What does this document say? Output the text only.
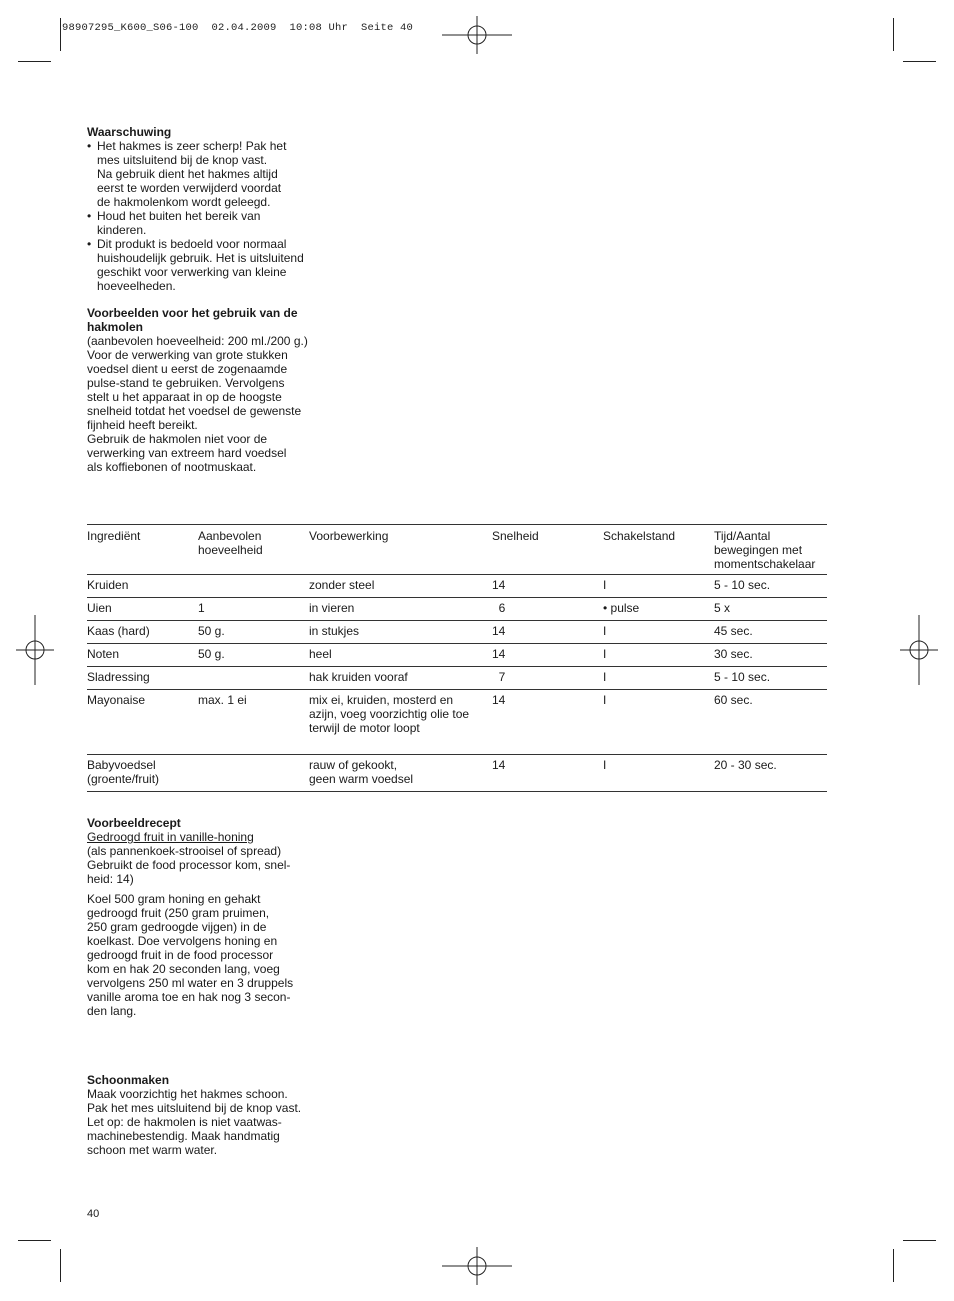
98907295_K600_S06-100  02.04.2009  10:08 Uhr  Seite 40
Waarschuwing
• Het hakmes is zeer scherp! Pak het
mes uitsluitend bij de knop vast.
Na gebruik dient het hakmes altijd
eerst te worden verwijderd voordat
de hakmolenkom wordt geleegd.
• Houd het buiten het bereik van
kinderen.
• Dit produkt is bedoeld voor normaal
huishoudelijk gebruik. Het is uitsluitend
geschikt voor verwerking van kleine
hoeveelheden.
Voorbeelden voor het gebruik van de
hakmolen
(aanbevolen hoeveelheid: 200 ml./200 g.)
Voor de verwerking van grote stukken
voedsel dient u eerst de zogenaamde
pulse-stand te gebruiken. Vervolgens
stelt u het apparaat in op de hoogste
snelheid totdat het voedsel de gewenste
fijnheid heeft bereikt.
Gebruik de hakmolen niet voor de
verwerking van extreem hard voedsel
als koffiebonen of nootmuskaat.
Ingrediënt	Aanbevolen
hoeveelheid	Voorbewerking	Snelheid	Schakelstand	Tijd/Aantal
bewegingen met
momentschakelaar
Kruiden		zonder steel	14	I	5 - 10 sec.
Uien	1	in vieren	6	• pulse	5 x
Kaas (hard)	50 g.	in stukjes	14	I	45 sec.
Noten	50 g.	heel	14	I	30 sec.
Sladressing		hak kruiden vooraf	7	I	5 - 10 sec.
Mayonaise	max. 1 ei	mix ei, kruiden, mosterd en
azijn, voeg voorzichtig olie toe
terwijl de motor loopt	14	I	60 sec.
Babyvoedsel
(groente/fruit)		rauw of gekookt,
geen warm voedsel	14	I	20 - 30 sec.
Voorbeeldrecept
Gedroogd fruit in vanille-honing
(als pannenkoek-strooisel of spread)
Gebruikt de food processor kom, snel-
heid: 14)
Koel 500 gram honing en gehakt
gedroogd fruit (250 gram pruimen,
250 gram gedroogde vijgen) in de
koelkast. Doe vervolgens honing en
gedroogd fruit in de food processor
kom en hak 20 seconden lang, voeg
vervolgens 250 ml water en 3 druppels
vanille aroma toe en hak nog 3 secon-
den lang.
Schoonmaken
Maak voorzichtig het hakmes schoon.
Pak het mes uitsluitend bij de knop vast.
Let op: de hakmolen is niet vaatwas-
machinebestendig. Maak handmatig
schoon met warm water.
40
